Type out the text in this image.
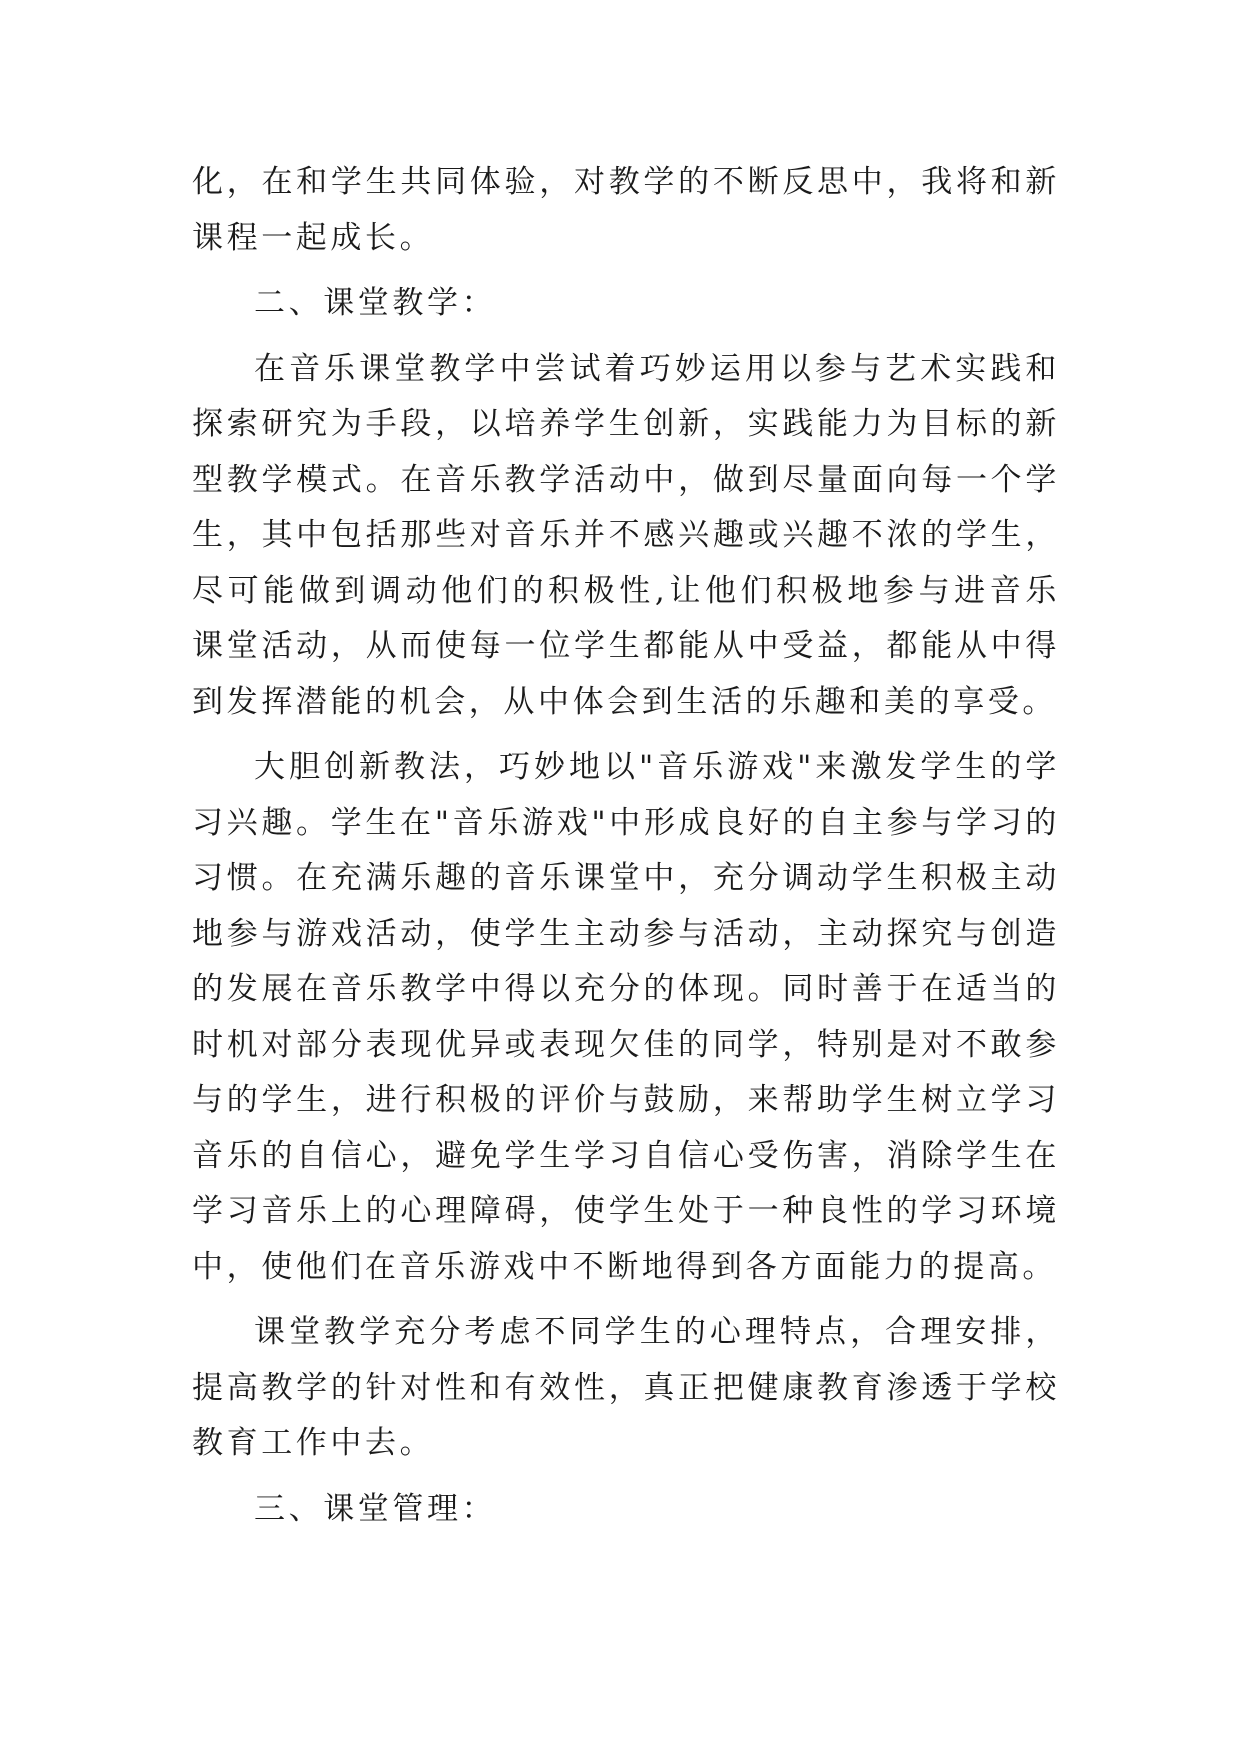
化，在和学生共同体验，对教学的不断反思中，我将和新课程一起成长。

二、课堂教学：

在音乐课堂教学中尝试着巧妙运用以参与艺术实践和探索研究为手段，以培养学生创新，实践能力为目标的新型教学模式。在音乐教学活动中，做到尽量面向每一个学生，其中包括那些对音乐并不感兴趣或兴趣不浓的学生，尽可能做到调动他们的积极性,让他们积极地参与进音乐课堂活动，从而使每一位学生都能从中受益，都能从中得到发挥潜能的机会，从中体会到生活的乐趣和美的享受。

大胆创新教法，巧妙地以"音乐游戏"来激发学生的学习兴趣。学生在"音乐游戏"中形成良好的自主参与学习的习惯。在充满乐趣的音乐课堂中，充分调动学生积极主动地参与游戏活动，使学生主动参与活动，主动探究与创造的发展在音乐教学中得以充分的体现。同时善于在适当的时机对部分表现优异或表现欠佳的同学，特别是对不敢参与的学生，进行积极的评价与鼓励，来帮助学生树立学习音乐的自信心，避免学生学习自信心受伤害，消除学生在学习音乐上的心理障碍，使学生处于一种良性的学习环境中，使他们在音乐游戏中不断地得到各方面能力的提高。

课堂教学充分考虑不同学生的心理特点，合理安排，提高教学的针对性和有效性，真正把健康教育渗透于学校教育工作中去。

三、课堂管理：
